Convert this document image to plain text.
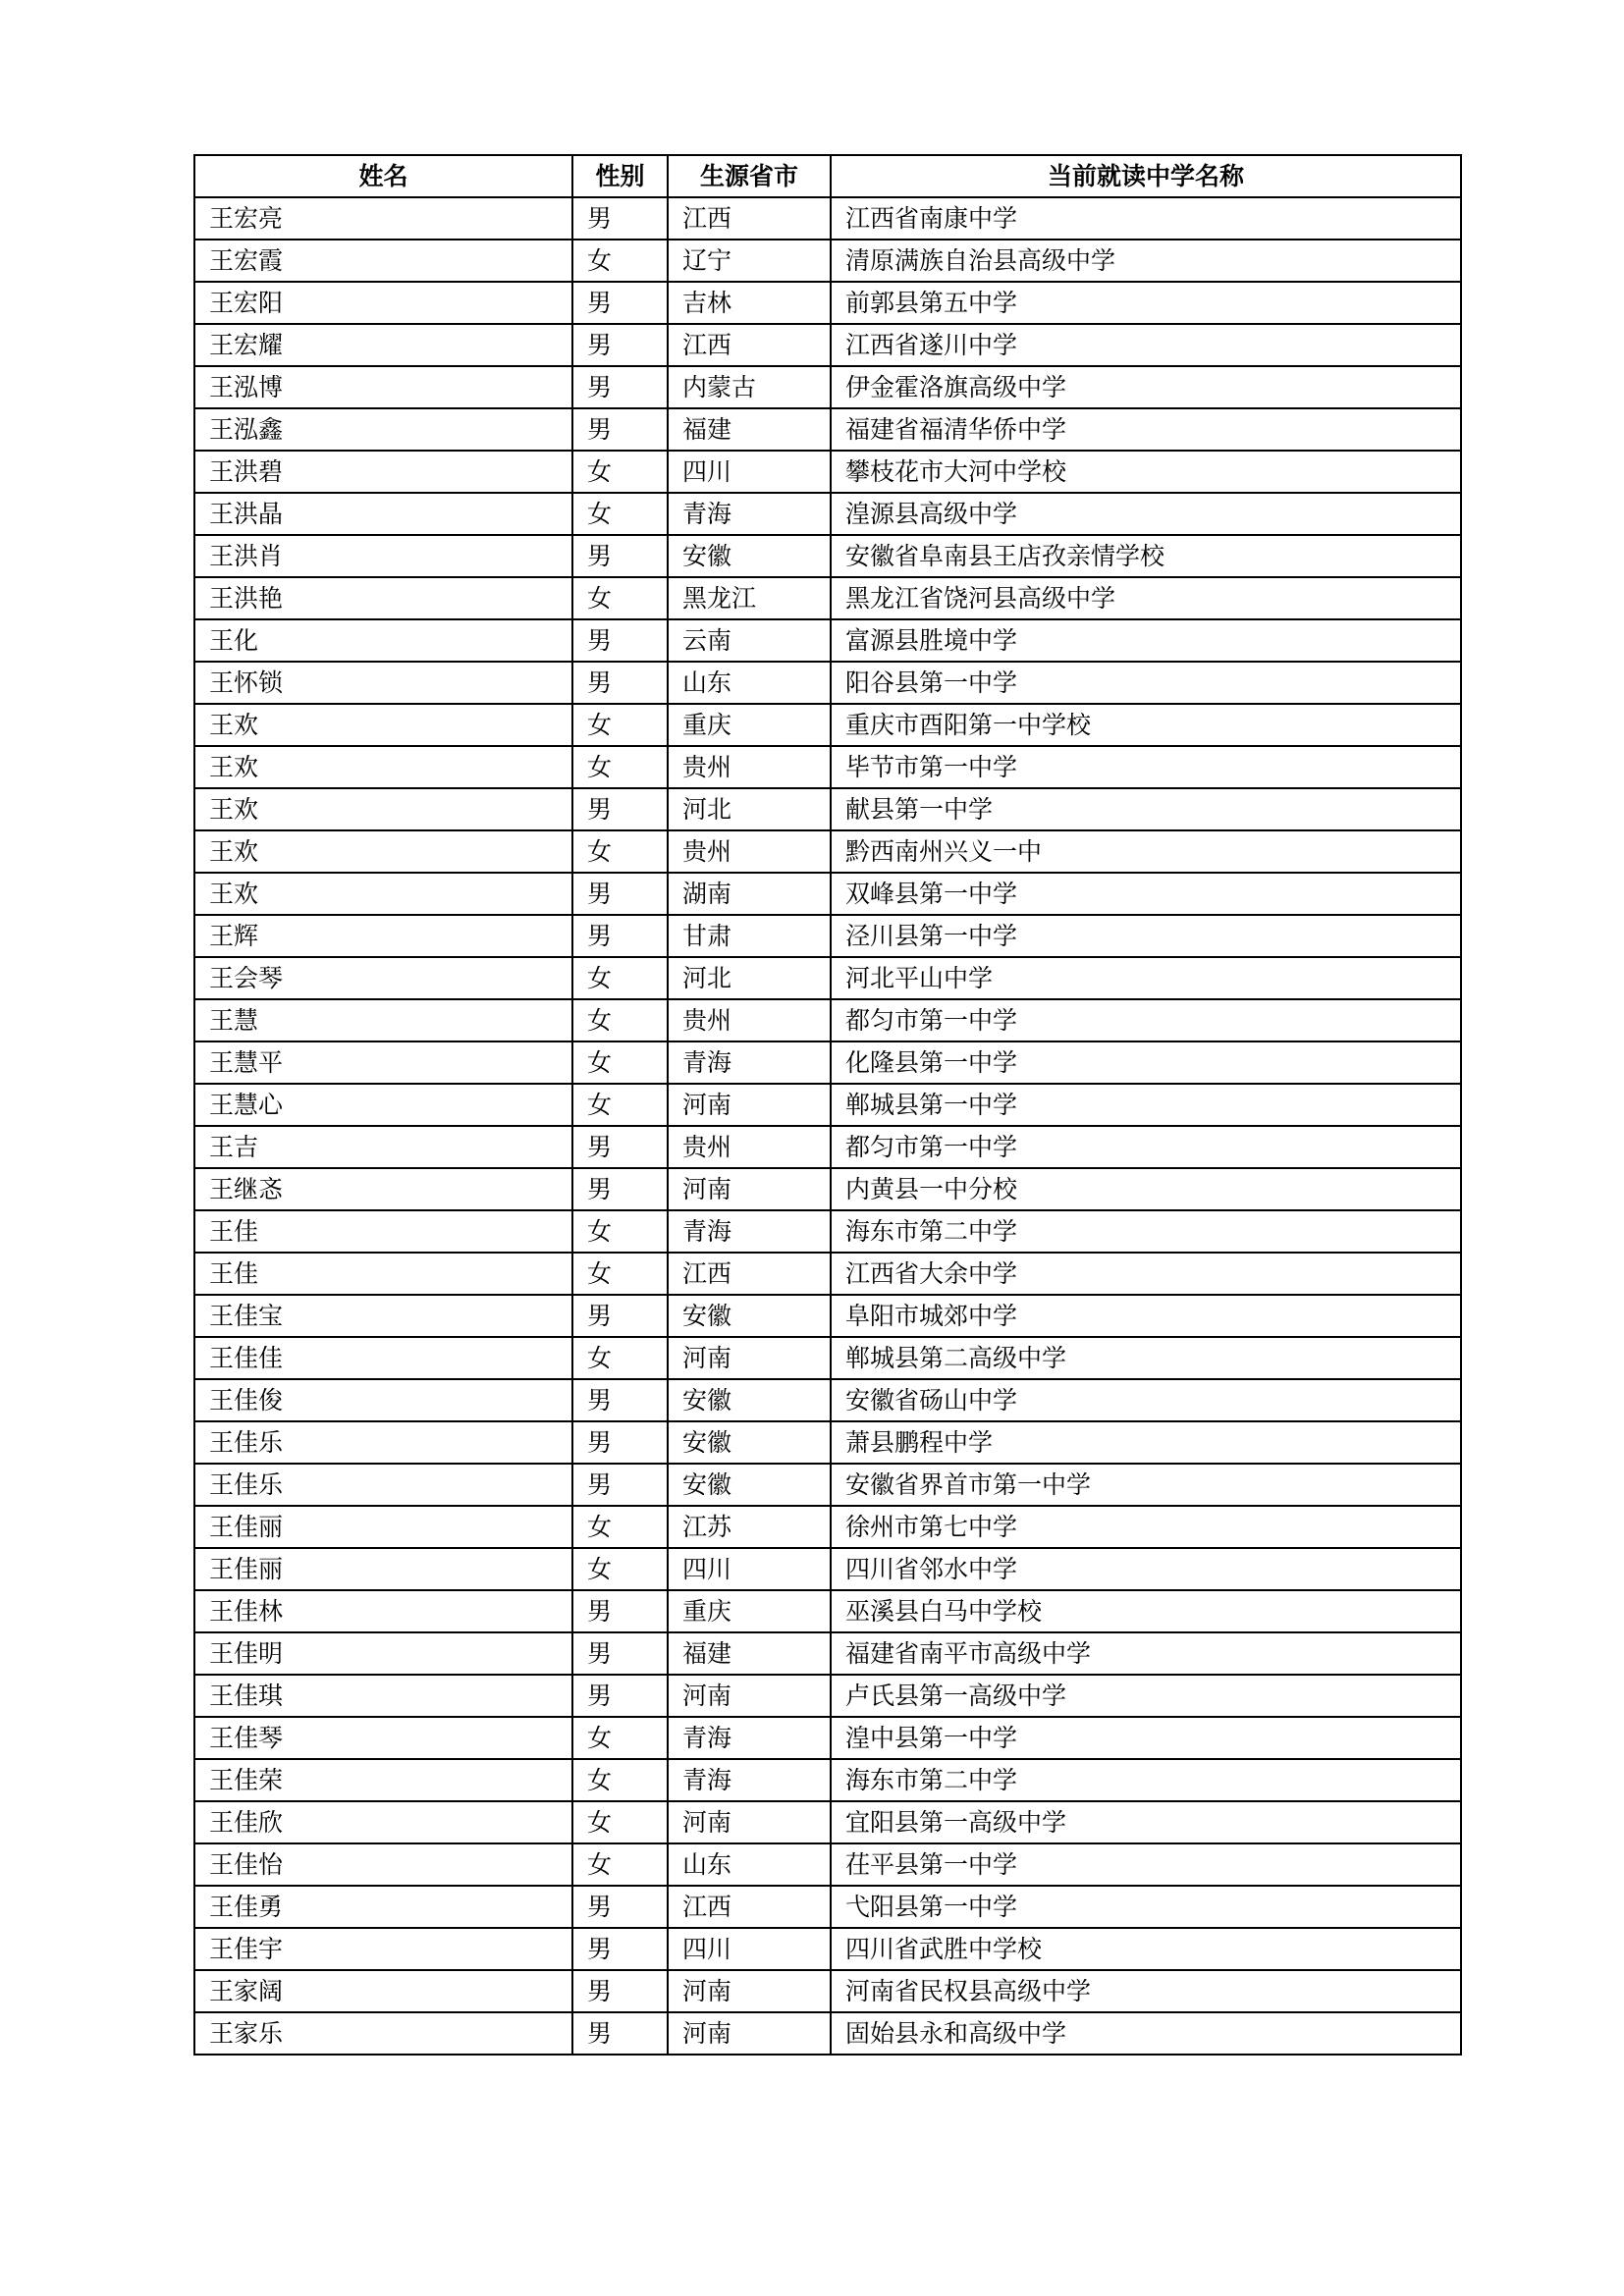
姓名	性别	生源省市	当前就读中学名称
王宏亮	男	江西	江西省南康中学
王宏霞	女	辽宁	清原满族自治县高级中学
王宏阳	男	吉林	前郭县第五中学
王宏耀	男	江西	江西省遂川中学
王泓博	男	内蒙古	伊金霍洛旗高级中学
王泓鑫	男	福建	福建省福清华侨中学
王洪碧	女	四川	攀枝花市大河中学校
王洪晶	女	青海	湟源县高级中学
王洪肖	男	安徽	安徽省阜南县王店孜亲情学校
王洪艳	女	黑龙江	黑龙江省饶河县高级中学
王化	男	云南	富源县胜境中学
王怀锁	男	山东	阳谷县第一中学
王欢	女	重庆	重庆市酉阳第一中学校
王欢	女	贵州	毕节市第一中学
王欢	男	河北	献县第一中学
王欢	女	贵州	黔西南州兴义一中
王欢	男	湖南	双峰县第一中学
王辉	男	甘肃	泾川县第一中学
王会琴	女	河北	河北平山中学
王慧	女	贵州	都匀市第一中学
王慧平	女	青海	化隆县第一中学
王慧心	女	河南	郸城县第一中学
王吉	男	贵州	都匀市第一中学
王继忞	男	河南	内黄县一中分校
王佳	女	青海	海东市第二中学
王佳	女	江西	江西省大余中学
王佳宝	男	安徽	阜阳市城郊中学
王佳佳	女	河南	郸城县第二高级中学
王佳俊	男	安徽	安徽省砀山中学
王佳乐	男	安徽	萧县鹏程中学
王佳乐	男	安徽	安徽省界首市第一中学
王佳丽	女	江苏	徐州市第七中学
王佳丽	女	四川	四川省邻水中学
王佳林	男	重庆	巫溪县白马中学校
王佳明	男	福建	福建省南平市高级中学
王佳琪	男	河南	卢氏县第一高级中学
王佳琴	女	青海	湟中县第一中学
王佳荣	女	青海	海东市第二中学
王佳欣	女	河南	宜阳县第一高级中学
王佳怡	女	山东	茌平县第一中学
王佳勇	男	江西	弋阳县第一中学
王佳宇	男	四川	四川省武胜中学校
王家阔	男	河南	河南省民权县高级中学
王家乐	男	河南	固始县永和高级中学
